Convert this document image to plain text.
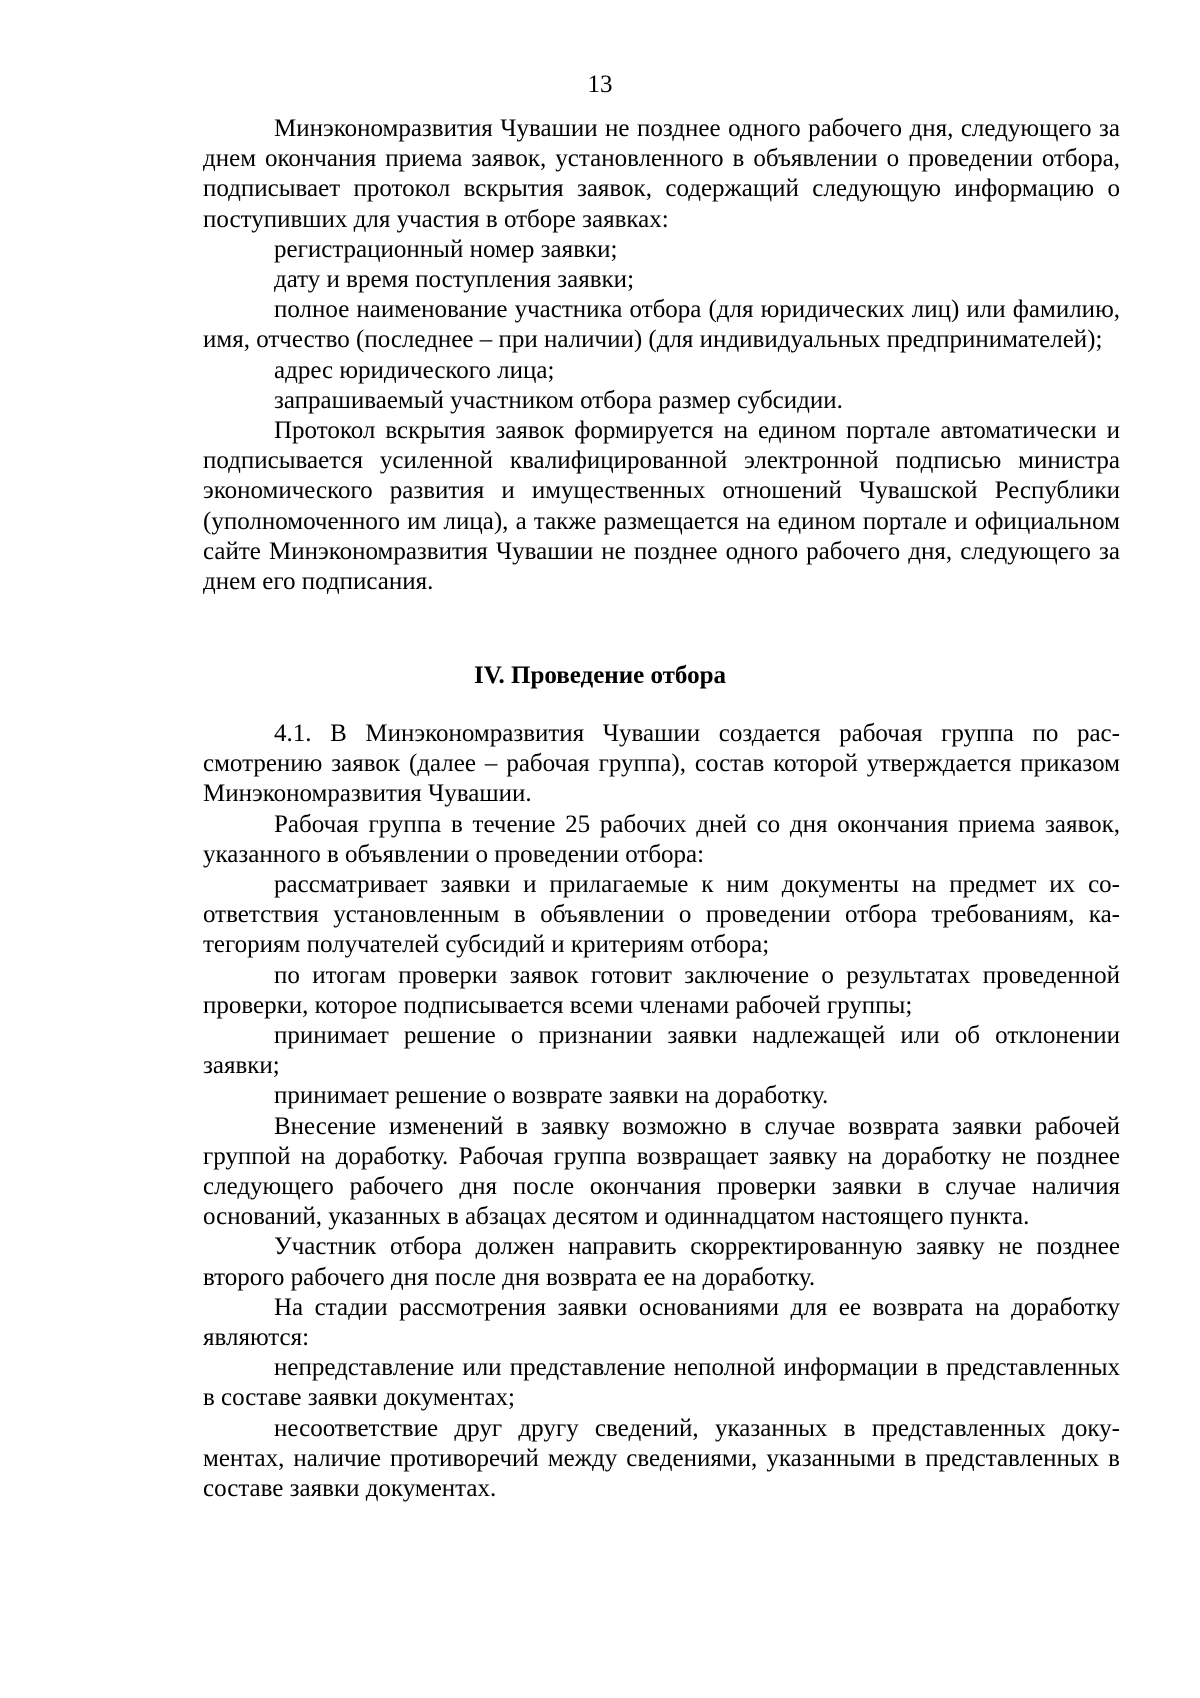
13

Минэкономразвития Чувашии не позднее одного рабочего дня, следующего за днем окончания приема заявок, установленного в объявлении о проведении отбора, подписывает протокол вскрытия заявок, содержащий следующую информацию о поступивших для участия в отборе заявках:

регистрационный номер заявки;

дату и время поступления заявки;

полное наименование участника отбора (для юридических лиц) или фамилию, имя, отчество (последнее – при наличии) (для индивидуальных предпринимателей);

адрес юридического лица;

запрашиваемый участником отбора размер субсидии.

Протокол вскрытия заявок формируется на едином портале автоматически и подписывается усиленной квалифицированной электронной подписью министра экономического развития и имущественных отношений Чувашской Республики (уполномоченного им лица), а также размещается на едином портале и официальном сайте Минэкономразвития Чувашии не позднее одного рабочего дня, следующего за днем его подписания.

IV. Проведение отбора

4.1. В Минэкономразвития Чувашии создается рабочая группа по рассмотрению заявок (далее – рабочая группа), состав которой утверждается приказом Минэкономразвития Чувашии.

Рабочая группа в течение 25 рабочих дней со дня окончания приема заявок, указанного в объявлении о проведении отбора:

рассматривает заявки и прилагаемые к ним документы на предмет их соответствия установленным в объявлении о проведении отбора требованиям, категориям получателей субсидий и критериям отбора;

по итогам проверки заявок готовит заключение о результатах проведенной проверки, которое подписывается всеми членами рабочей группы;

принимает решение о признании заявки надлежащей или об отклонении заявки;

принимает решение о возврате заявки на доработку.

Внесение изменений в заявку возможно в случае возврата заявки рабочей группой на доработку. Рабочая группа возвращает заявку на доработку не позднее следующего рабочего дня после окончания проверки заявки в случае наличия оснований, указанных в абзацах десятом и одиннадцатом настоящего пункта.

Участник отбора должен направить скорректированную заявку не позднее второго рабочего дня после дня возврата ее на доработку.

На стадии рассмотрения заявки основаниями для ее возврата на доработку являются:

непредставление или представление неполной информации в представленных в составе заявки документах;

несоответствие друг другу сведений, указанных в представленных документах, наличие противоречий между сведениями, указанными в представленных в составе заявки документах.
